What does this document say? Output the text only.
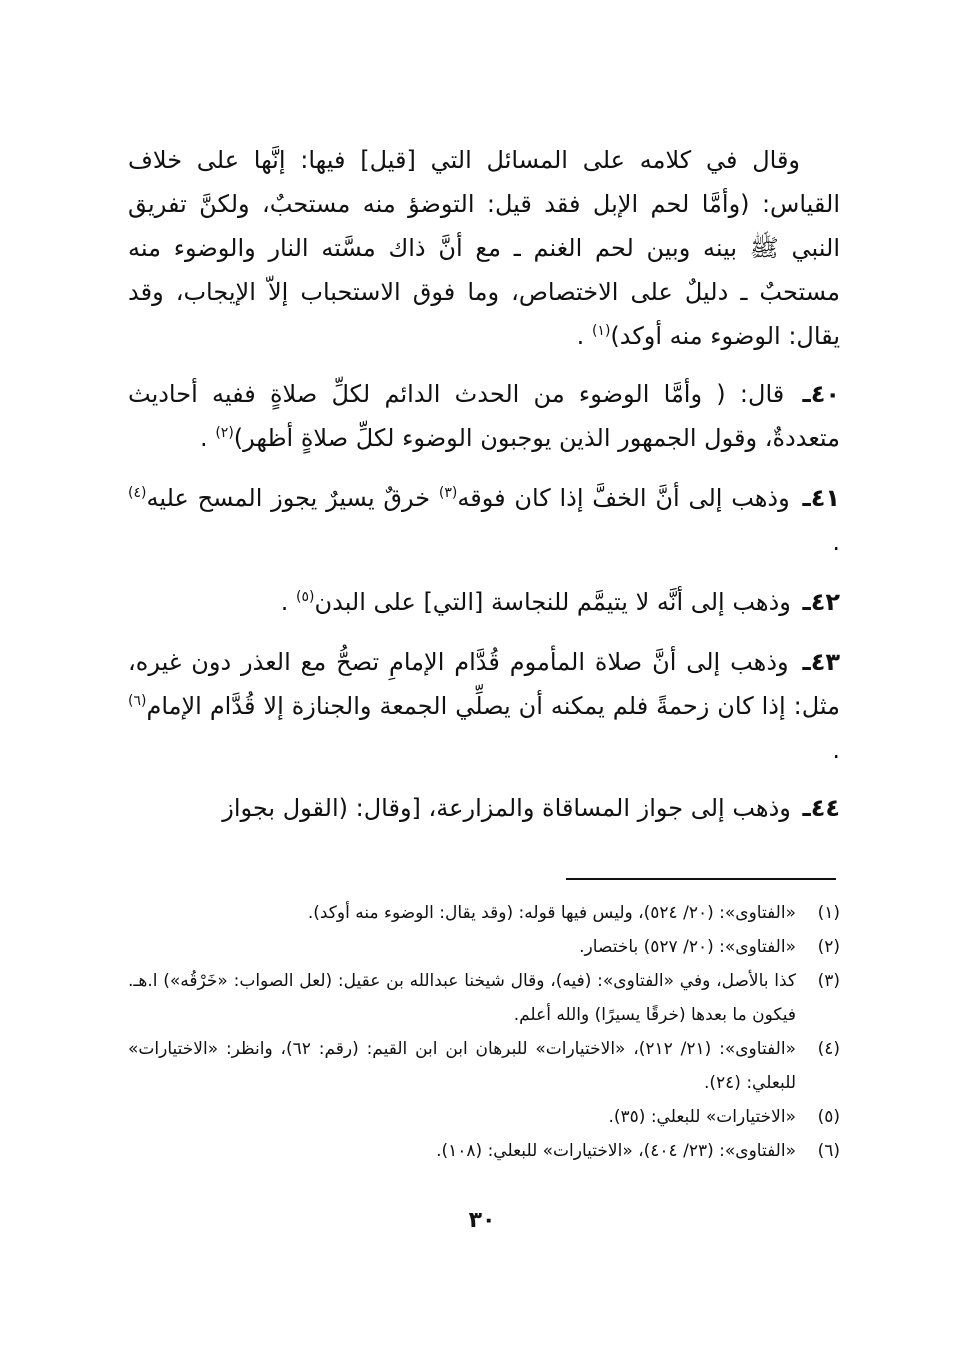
وقال في كلامه على المسائل التي [قيل] فيها: إنَّها على خلاف القياس: (وأمَّا لحم الإبل فقد قيل: التوضؤ منه مستحبٌ، ولكنَّ تفريق النبي ﷺ بينه وبين لحم الغنم ـ مع أنَّ ذاك مسَّته النار والوضوء منه مستحبٌ ـ دليلٌ على الاختصاص، وما فوق الاستحباب إلاّ الإيجاب، وقد يقال: الوضوء منه أوكد)$^{(١)}$ .

٤٠ـ قال: ( وأمَّا الوضوء من الحدث الدائم لكلِّ صلاةٍ ففيه أحاديث متعددةٌ، وقول الجمهور الذين يوجبون الوضوء لكلِّ صلاةٍ أظهر)$^{(٢)}$ .

٤١ـ وذهب إلى أنَّ الخفَّ إذا كان فوقه$^{(٣)}$ خرقٌ يسيرٌ يجوز المسح عليه$^{(٤)}$ .

٤٢ـ وذهب إلى أنَّه لا يتيمَّم للنجاسة [التي] على البدن$^{(٥)}$ .

٤٣ـ وذهب إلى أنَّ صلاة المأموم قُدَّام الإمامِ تصحُّ مع العذر دون غيره، مثل: إذا كان زحمةً فلم يمكنه أن يصلِّي الجمعة والجنازة إلا قُدَّام الإمام$^{(٦)}$ .

٤٤ـ وذهب إلى جواز المساقاة والمزارعة، [وقال: (القول بجواز

(١)
«الفتاوى»: (٢٠/ ٥٢٤)، وليس فيها قوله: (وقد يقال: الوضوء منه أوكد).
(٢)
«الفتاوى»: (٢٠/ ٥٢٧) باختصار.
(٣)
كذا بالأصل، وفي «الفتاوى»: (فيه)، وقال شيخنا عبدالله بن عقيل: (لعل الصواب: «خَرْقُه») ا.هـ. فيكون ما بعدها (خرقًا يسيرًا) والله أعلم.
(٤)
«الفتاوى»: (٢١/ ٢١٢)، «الاختيارات» للبرهان ابن ابن القيم: (رقم: ٦٢)، وانظر: «الاختيارات» للبعلي: (٢٤).
(٥)
«الاختيارات» للبعلي: (٣٥).
(٦)
«الفتاوى»: (٢٣/ ٤٠٤)، «الاختيارات» للبعلي: (١٠٨).
٣٠
